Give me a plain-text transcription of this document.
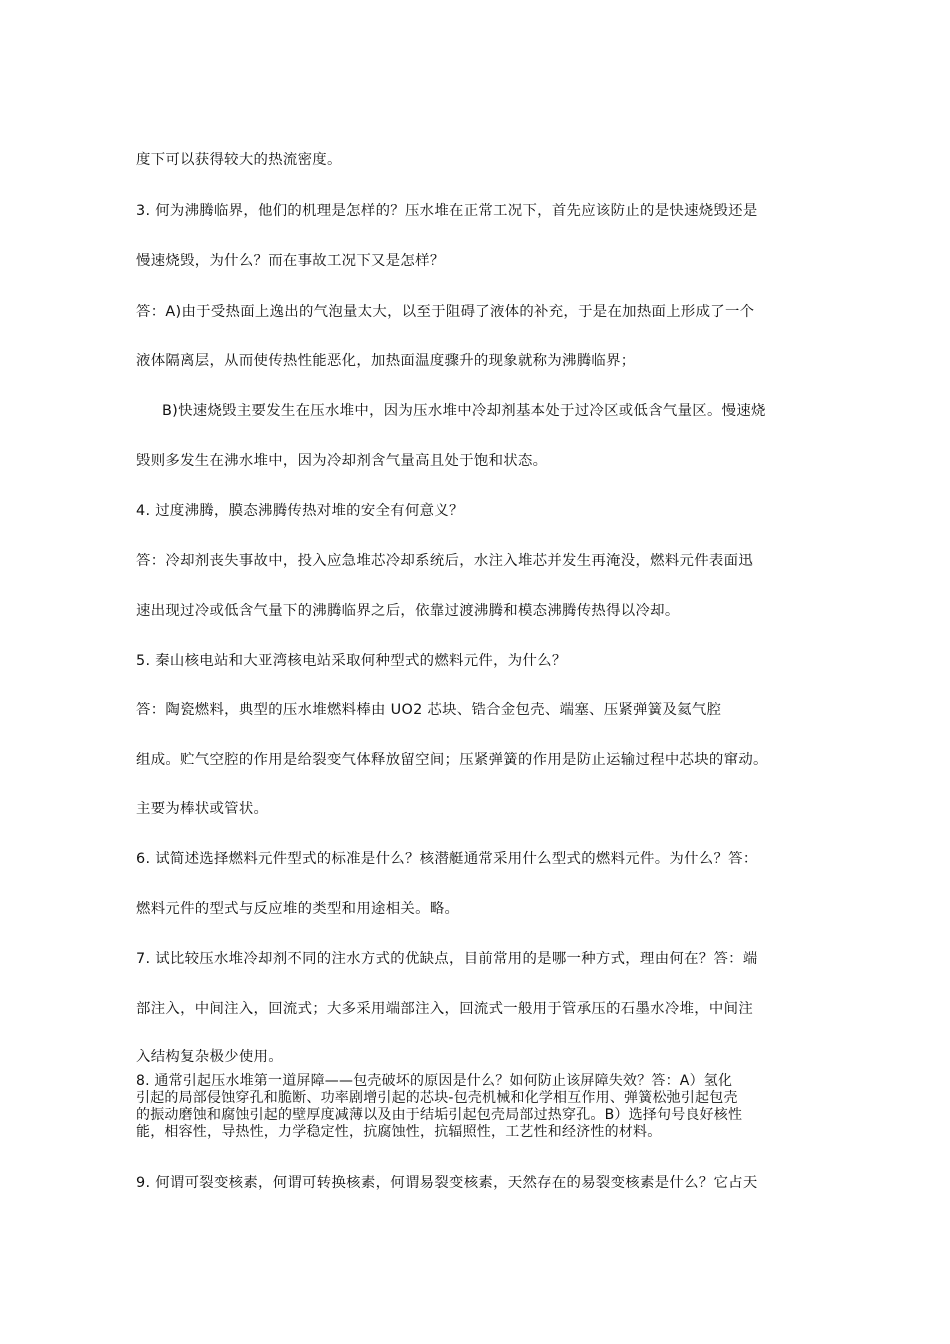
度下可以获得较大的热流密度。
3. 何为沸腾临界，他们的机理是怎样的？压水堆在正常工况下，首先应该防止的是快速烧毁还是
慢速烧毁，为什么？而在事故工况下又是怎样？
答：A)由于受热面上逸出的气泡量太大，以至于阻碍了液体的补充，于是在加热面上形成了一个
液体隔离层，从而使传热性能恶化，加热面温度骤升的现象就称为沸腾临界；
B)快速烧毁主要发生在压水堆中，因为压水堆中冷却剂基本处于过冷区或低含气量区。慢速烧
毁则多发生在沸水堆中，因为冷却剂含气量高且处于饱和状态。
4. 过度沸腾，膜态沸腾传热对堆的安全有何意义？
答：冷却剂丧失事故中，投入应急堆芯冷却系统后，水注入堆芯并发生再淹没，燃料元件表面迅
速出现过冷或低含气量下的沸腾临界之后，依靠过渡沸腾和模态沸腾传热得以冷却。
5. 秦山核电站和大亚湾核电站采取何种型式的燃料元件，为什么？
答：陶瓷燃料，典型的压水堆燃料棒由 UO2 芯块、锆合金包壳、端塞、压紧弹簧及氦气腔
组成。贮气空腔的作用是给裂变气体释放留空间；压紧弹簧的作用是防止运输过程中芯块的窜动。
主要为棒状或管状。
6. 试简述选择燃料元件型式的标准是什么？核潜艇通常采用什么型式的燃料元件。为什么？答：
燃料元件的型式与反应堆的类型和用途相关。略。
7. 试比较压水堆冷却剂不同的注水方式的优缺点，目前常用的是哪一种方式，理由何在？答：端
部注入，中间注入，回流式；大多采用端部注入，回流式一般用于管承压的石墨水冷堆，中间注
入结构复杂极少使用。
8. 通常引起压水堆第一道屏障——包壳破坏的原因是什么？如何防止该屏障失效？答：A）氢化
引起的局部侵蚀穿孔和脆断、功率剧增引起的芯块-包壳机械和化学相互作用、弹簧松弛引起包壳
的振动磨蚀和腐蚀引起的壁厚度减薄以及由于结垢引起包壳局部过热穿孔。B）选择句号良好核性
能，相容性，导热性，力学稳定性，抗腐蚀性，抗辐照性，工艺性和经济性的材料。
9. 何谓可裂变核素，何谓可转换核素，何谓易裂变核素，天然存在的易裂变核素是什么？它占天
